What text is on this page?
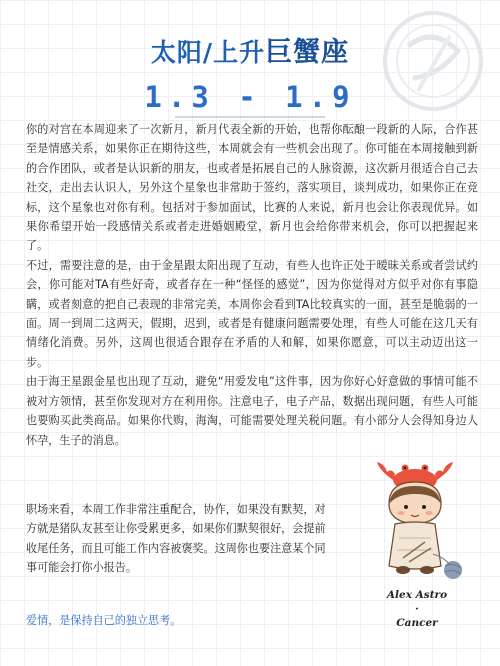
太阳/上升巨蟹座
1.3 - 1.9

你的对宫在本周迎来了一次新月，新月代表全新的开始，也帮你酝酿一段新的人际，合作甚至是情感关系，如果你正在期待这些，本周就会有一些机会出现了。你可能在本周接触到新的合作团队，或者是认识新的朋友，也或者是拓展自己的人脉资源，这次新月很适合自己去社交，走出去认识人，另外这个星象也非常助于签约，落实项目，谈判成功，如果你正在竞标，这个星象也对你有利。包括对于参加面试，比赛的人来说，新月也会让你表现优异。如果你希望开始一段感情关系或者走进婚姻殿堂，新月也会给你带来机会，你可以把握起来了。

不过，需要注意的是，由于金星跟太阳出现了互动，有些人也许正处于暧昧关系或者尝试约会，你可能对TA有些好奇，或者存在一种“怪怪的感觉”，因为你觉得对方似乎对你有事隐瞒，或者刻意的把自己表现的非常完美，本周你会看到TA比较真实的一面，甚至是脆弱的一面。周一到周二这两天，假期，迟到，或者是有健康问题需要处理，有些人可能在这几天有情绪化消费。另外，这周也很适合跟存在矛盾的人和解，如果你愿意，可以主动迈出这一步。

由于海王星跟金星也出现了互动，避免“用爱发电”这件事，因为你好心好意做的事情可能不被对方领情，甚至你发现对方在利用你。注意电子，电子产品，数据出现问题，有些人可能也要购买此类商品。如果你代购，海淘，可能需要处理关税问题。有小部分人会得知身边人怀孕，生子的消息。

职场来看，本周工作非常注重配合，协作，如果没有默契，对方就是猪队友甚至让你受累更多，如果你们默契很好，会提前收尾任务，而且可能工作内容被褒奖。这周你也要注意某个同事可能会打你小报告。

爱情，是保持自己的独立思考。
Alex Astro
·
Cancer
